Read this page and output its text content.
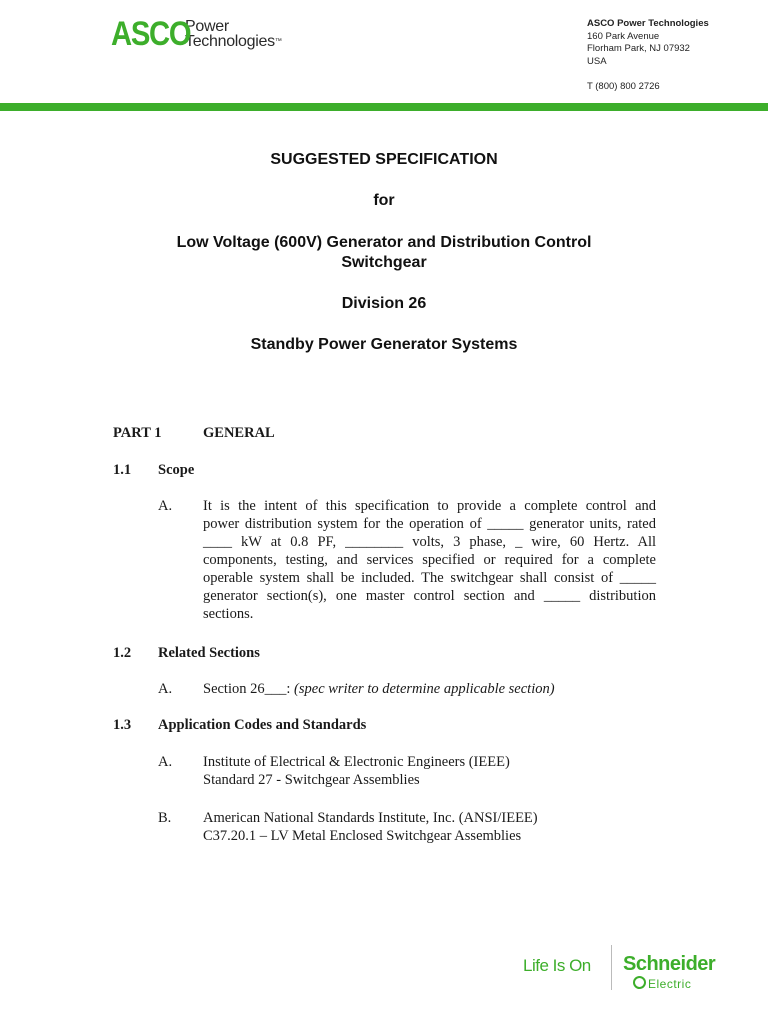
ASCO
Power
Technologies™
ASCO Power Technologies
160 Park Avenue
Florham Park, NJ 07932
USA
T (800) 800 2726
SUGGESTED SPECIFICATION
for
Low Voltage (600V) Generator and Distribution Control
Switchgear
Division 26
Standby Power Generator Systems
PART 1	GENERAL
1.1 Scope
A. It is the intent of this specification to provide a complete control and
power distribution system for the operation of _____ generator units, rated
____ kW at 0.8 PF, ________ volts, 3 phase, _ wire, 60 Hertz. All
components, testing, and services specified or required for a complete
operable system shall be included. The switchgear shall consist of _____
generator section(s), one master control section and _____ distribution
sections.
1.2 Related Sections
A. Section 26___: (spec writer to determine applicable section)
1.3 Application Codes and Standards
A. Institute of Electrical & Electronic Engineers (IEEE)
Standard 27 - Switchgear Assemblies
B. American National Standards Institute, Inc. (ANSI/IEEE)
C37.20.1 – LV Metal Enclosed Switchgear Assemblies
Life Is On Schneider
Electric
